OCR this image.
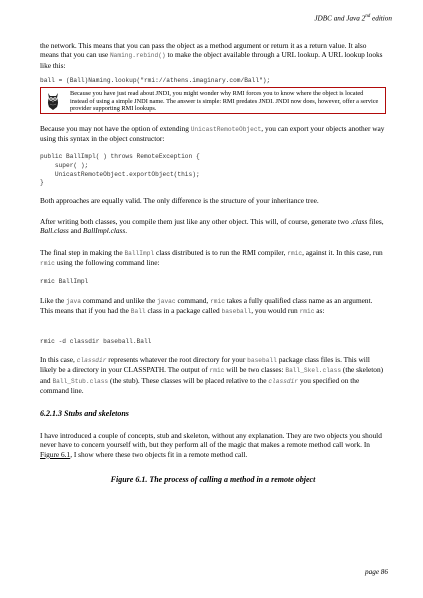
JDBC and Java 2nd edition

the network. This means that you can pass the object as a method argument or return it as a return value. It also means that you can use Naming.rebind() to make the object available through a URL lookup. A URL lookup looks like this:

ball = (Ball)Naming.lookup("rmi://athens.imaginary.com/Ball");
Because you have just read about JNDI, you might wonder why RMI forces you to know where the object is located instead of using a simple JNDI name. The answer is simple: RMI predates JNDI. JNDI now does, however, offer a service provider supporting RMI lookups.

Because you may not have the option of extending UnicastRemoteObject, you can export your objects another way using this syntax in the object constructor:

public BallImpl( ) throws RemoteException {
super( );
UnicastRemoteObject.exportObject(this);
}

Both approaches are equally valid. The only difference is the structure of your inheritance tree.

After writing both classes, you compile them just like any other object. This will, of course, generate two .class files, Ball.class and BallImpl.class.

The final step in making the BallImpl class distributed is to run the RMI compiler, rmic, against it. In this case, run rmic using the following command line:

rmic BallImpl

Like the java command and unlike the javac command, rmic takes a fully qualified class name as an argument. This means that if you had the Ball class in a package called baseball, you would run rmic as:

rmic -d classdir baseball.Ball

In this case, classdir represents whatever the root directory for your baseball package class files is. This will likely be a directory in your CLASSPATH. The output of rmic will be two classes: Ball_Skel.class (the skeleton) and Ball_Stub.class (the stub). These classes will be placed relative to the classdir you specified on the command line.

6.2.1.3 Stubs and skeletons

I have introduced a couple of concepts, stub and skeleton, without any explanation. They are two objects you should never have to concern yourself with, but they perform all of the magic that makes a remote method call work. In Figure 6.1, I show where these two objects fit in a remote method call.

Figure 6.1. The process of calling a method in a remote object

page 86
